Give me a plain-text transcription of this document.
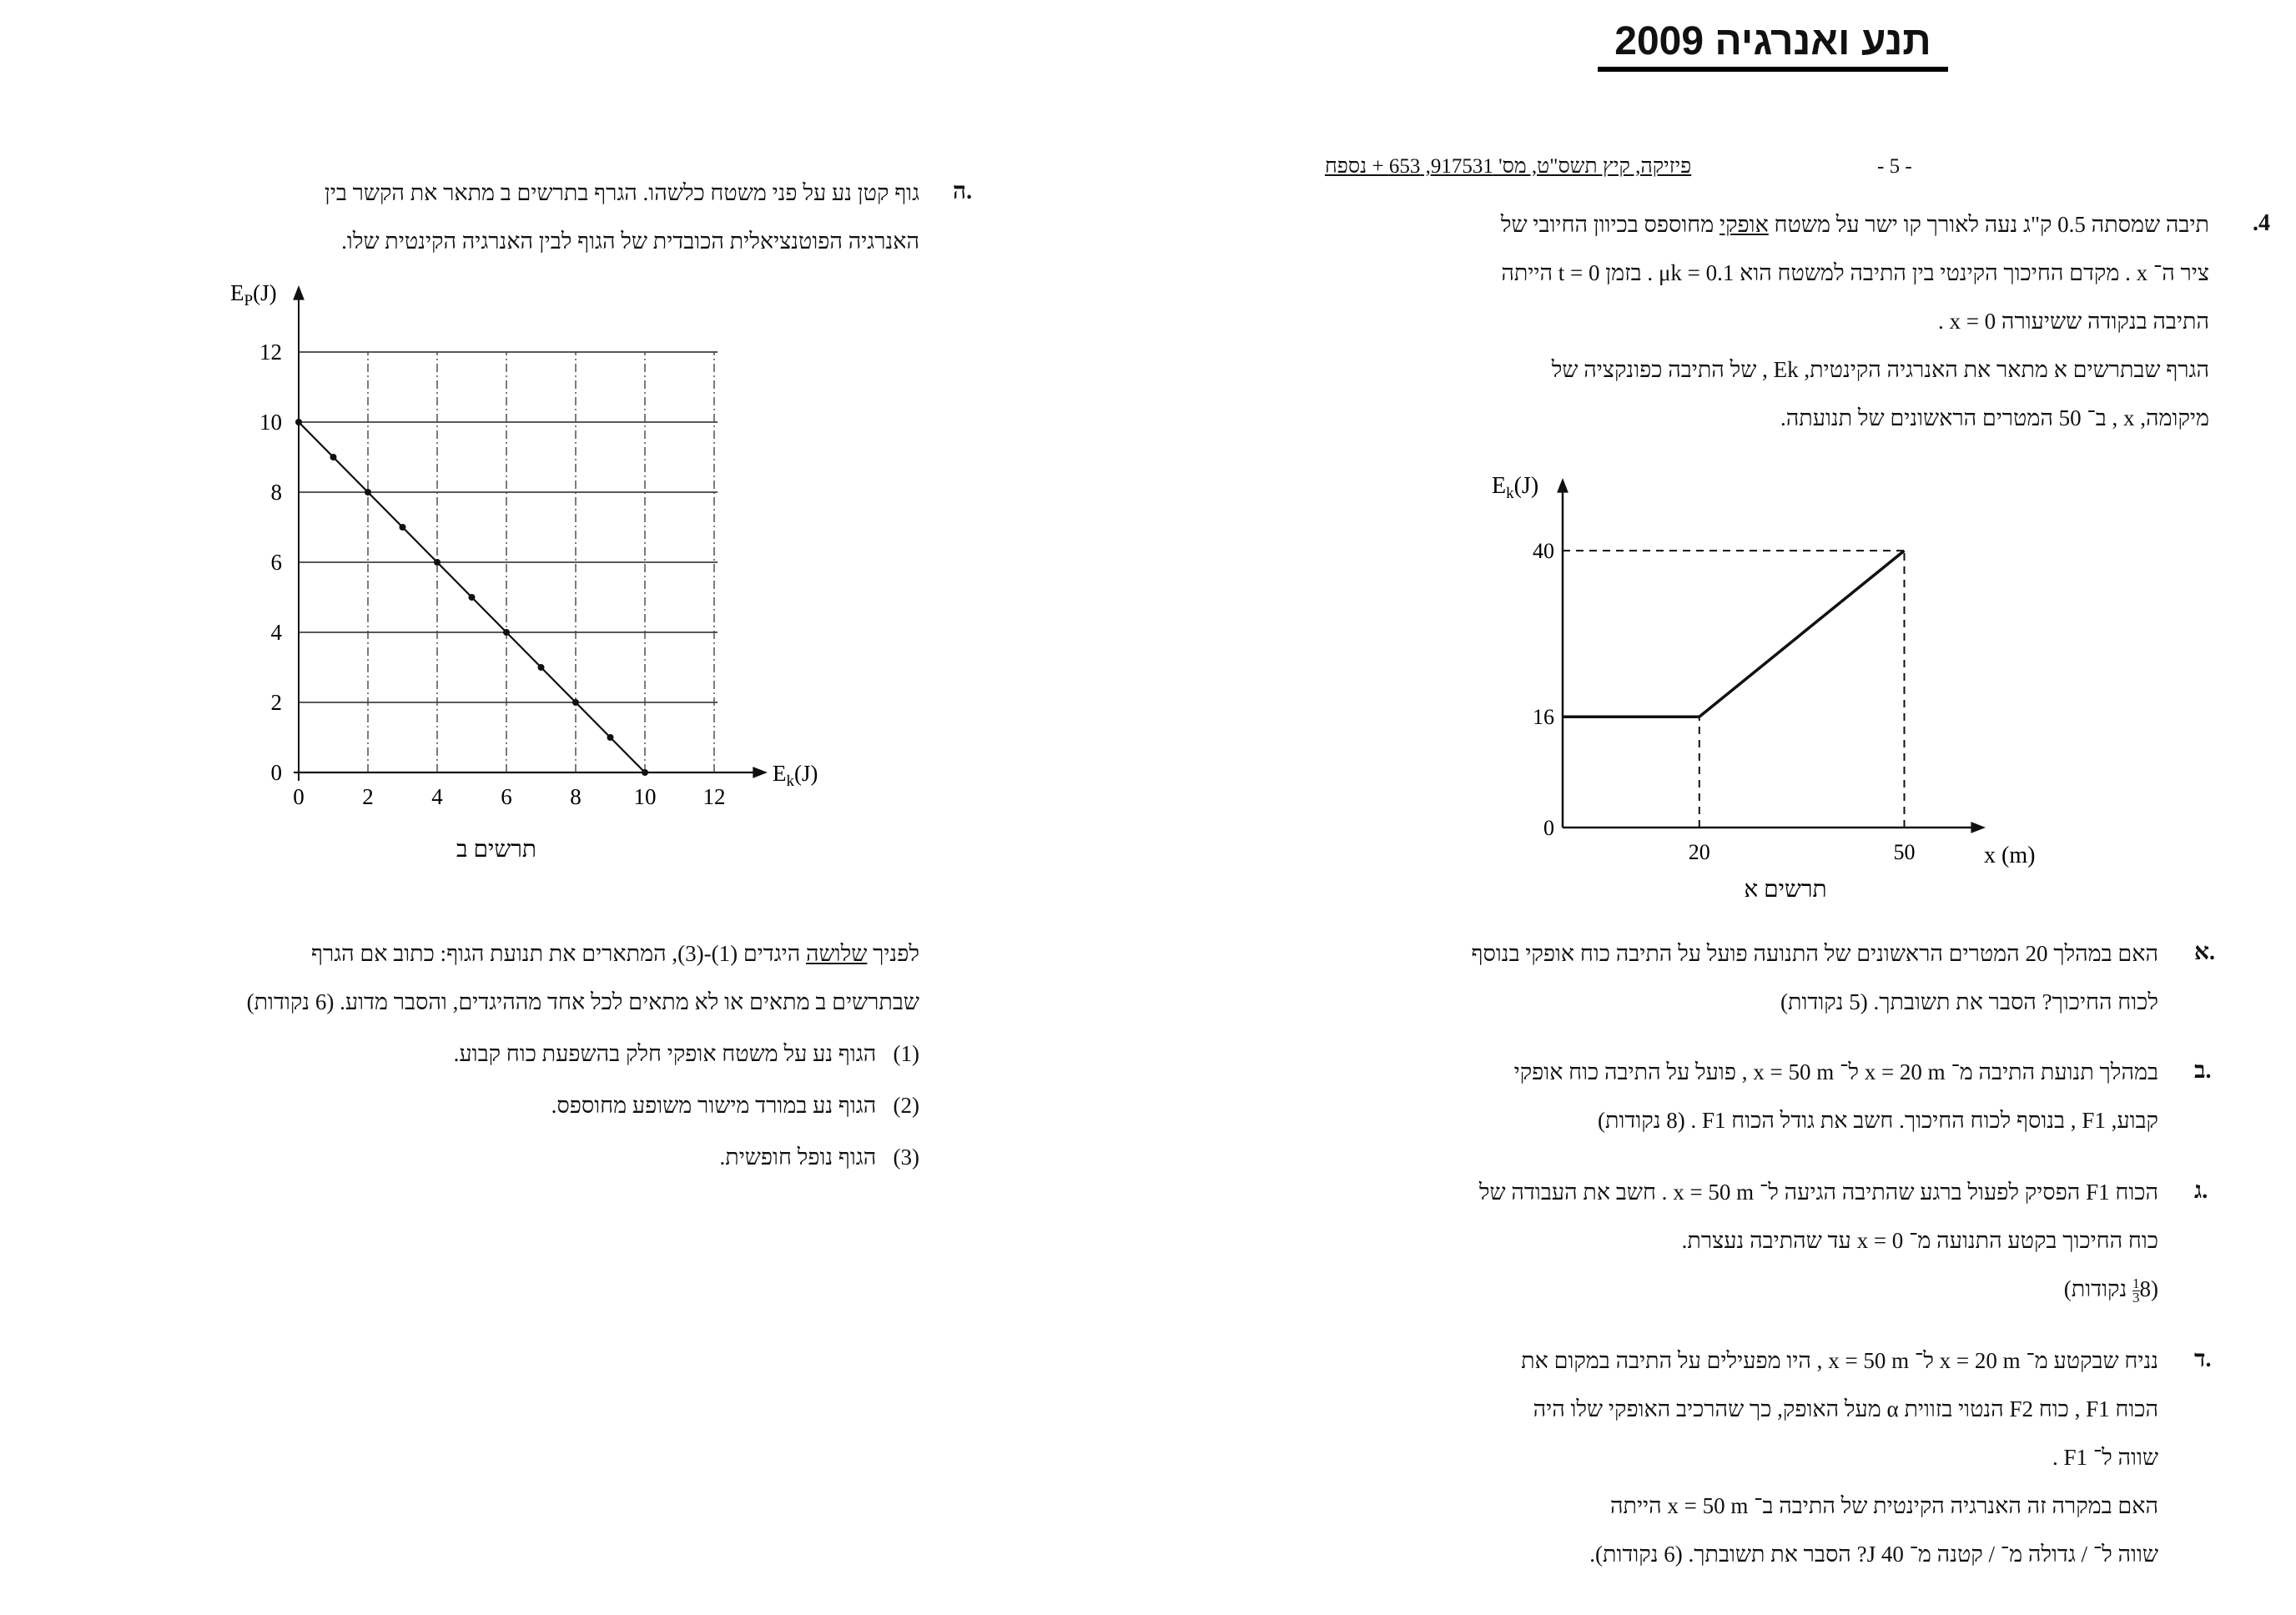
תנע ואנרגיה 2009
פיזיקה, קיץ תשס"ט, מס' 917531, 653 + נספח	- 5 -
.4
תיבה שמסתה 0.5 ק"ג נעה לאורך קו ישר על משטח אופקי מחוספס בכיוון החיובי של
ציר ה־ x . מקדם החיכוך הקינטי בין התיבה למשטח הוא μk = 0.1 . בזמן t = 0 הייתה
התיבה בנקודה ששיעורה x = 0 .
הגרף שבתרשים א מתאר את האנרגיה הקינטית, Ek , של התיבה כפונקציה של
מיקומה, x , ב־ 50 המטרים הראשונים של תנועתה.
0
16
40
20	50
$E_k(J)$
x (m)
תרשים א
א.
האם במהלך 20 המטרים הראשונים של התנועה פועל על התיבה כוח אופקי בנוסף
לכוח החיכוך? הסבר את תשובתך. (5 נקודות)
ב.
במהלך תנועת התיבה מ־ x = 20 m ל־ x = 50 m , פועל על התיבה כוח אופקי
קבוע, F1 , בנוסף לכוח החיכוך. חשב את גודל הכוח F1 . (8 נקודות)
ג.
הכוח F1 הפסיק לפעול ברגע שהתיבה הגיעה ל־ x = 50 m . חשב את העבודה של
כוח החיכוך בקטע התנועה מ־ x = 0 עד שהתיבה נעצרת.
(8
$\frac{1}{3}$
נקודות)
ד.
נניח שבקטע מ־ x = 20 m ל־ x = 50 m , היו מפעילים על התיבה במקום את
הכוח F1 , כוח F2 הנטוי בזווית α מעל האופק, כך שהרכיב האופקי שלו היה
שווה ל־ F1 .
האם במקרה זה האנרגיה הקינטית של התיבה ב־ x = 50 m הייתה
שווה ל־ / גדולה מ־ / קטנה מ־ 40 J? הסבר את תשובתך. (6 נקודות).
ה.
גוף קטן נע על פני משטח כלשהו. הגרף בתרשים ב מתאר את הקשר בין
האנרגיה הפוטנציאלית הכובדית של הגוף לבין האנרגיה הקינטית שלו.
0
2
4
6
8
10
12
0	2	4	6	8 10 12
$E_P(J)$
$E_k(J)$
תרשים ב
לפניך שלושה היגדים (1)-(3), המתארים את תנועת הגוף: כתוב אם הגרף
שבתרשים ב מתאים או לא מתאים לכל אחד מההיגדים, והסבר מדוע. (6 נקודות)
(1)   הגוף נע על משטח אופקי חלק בהשפעת כוח קבוע.
(2)   הגוף נע במורד מישור משופע מחוספס.
(3)   הגוף נופל חופשית.
